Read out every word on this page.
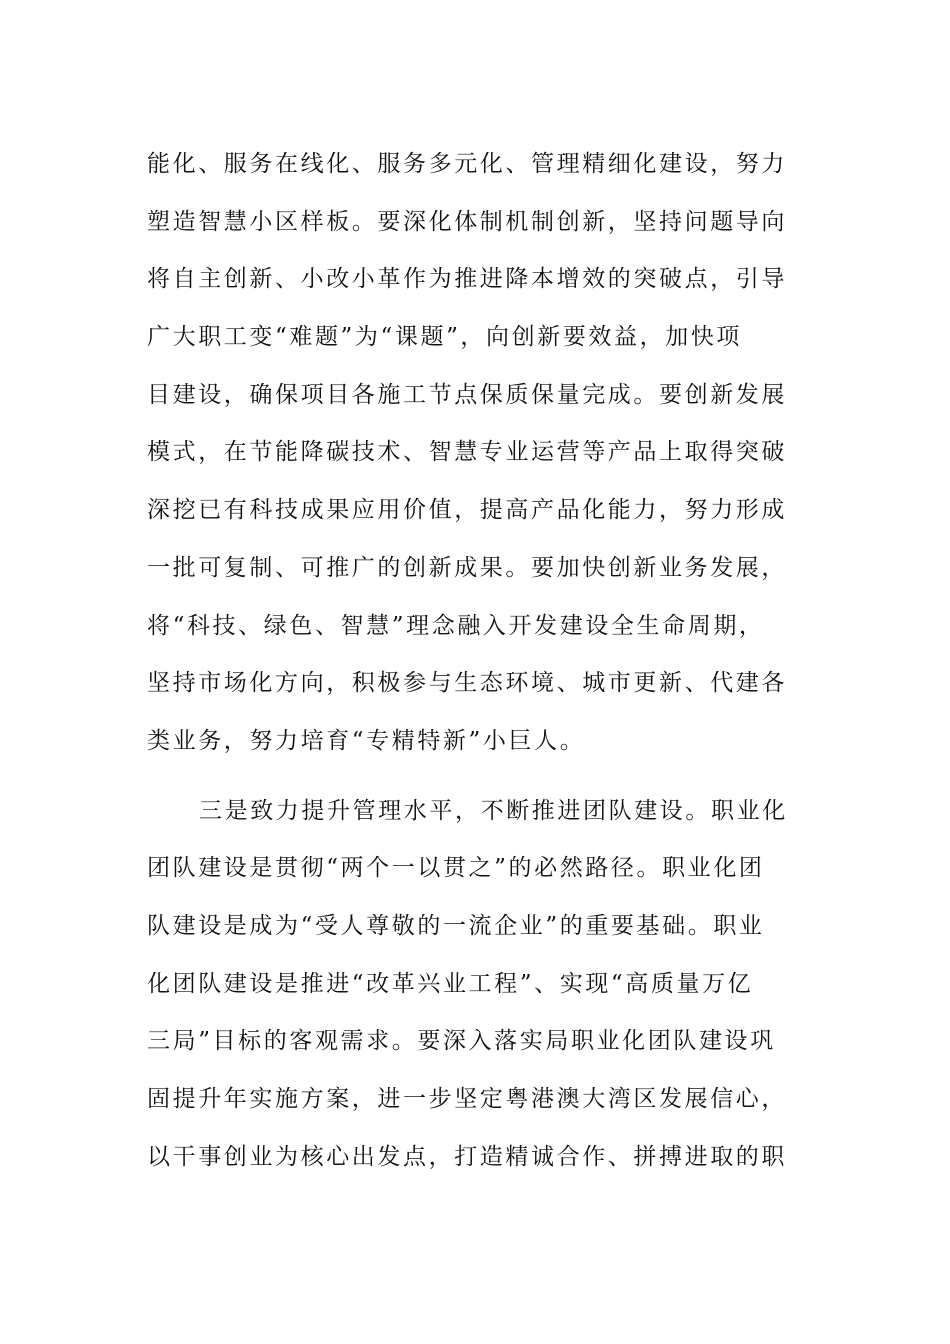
能化、服务在线化、服务多元化、管理精细化建设，努力
塑造智慧小区样板。要深化体制机制创新，坚持问题导向
将自主创新、小改小革作为推进降本增效的突破点，引导
广大职工变“难题”为“课题”，向创新要效益，加快项
目建设，确保项目各施工节点保质保量完成。要创新发展
模式，在节能降碳技术、智慧专业运营等产品上取得突破
深挖已有科技成果应用价值，提高产品化能力，努力形成
一批可复制、可推广的创新成果。要加快创新业务发展，
将“科技、绿色、智慧”理念融入开发建设全生命周期，
坚持市场化方向，积极参与生态环境、城市更新、代建各
类业务，努力培育“专精特新”小巨人。
三是致力提升管理水平，不断推进团队建设。职业化
团队建设是贯彻“两个一以贯之”的必然路径。职业化团
队建设是成为“受人尊敬的一流企业”的重要基础。职业
化团队建设是推进“改革兴业工程”、实现“高质量万亿
三局”目标的客观需求。要深入落实局职业化团队建设巩
固提升年实施方案，进一步坚定粤港澳大湾区发展信心，
以干事创业为核心出发点，打造精诚合作、拼搏进取的职
